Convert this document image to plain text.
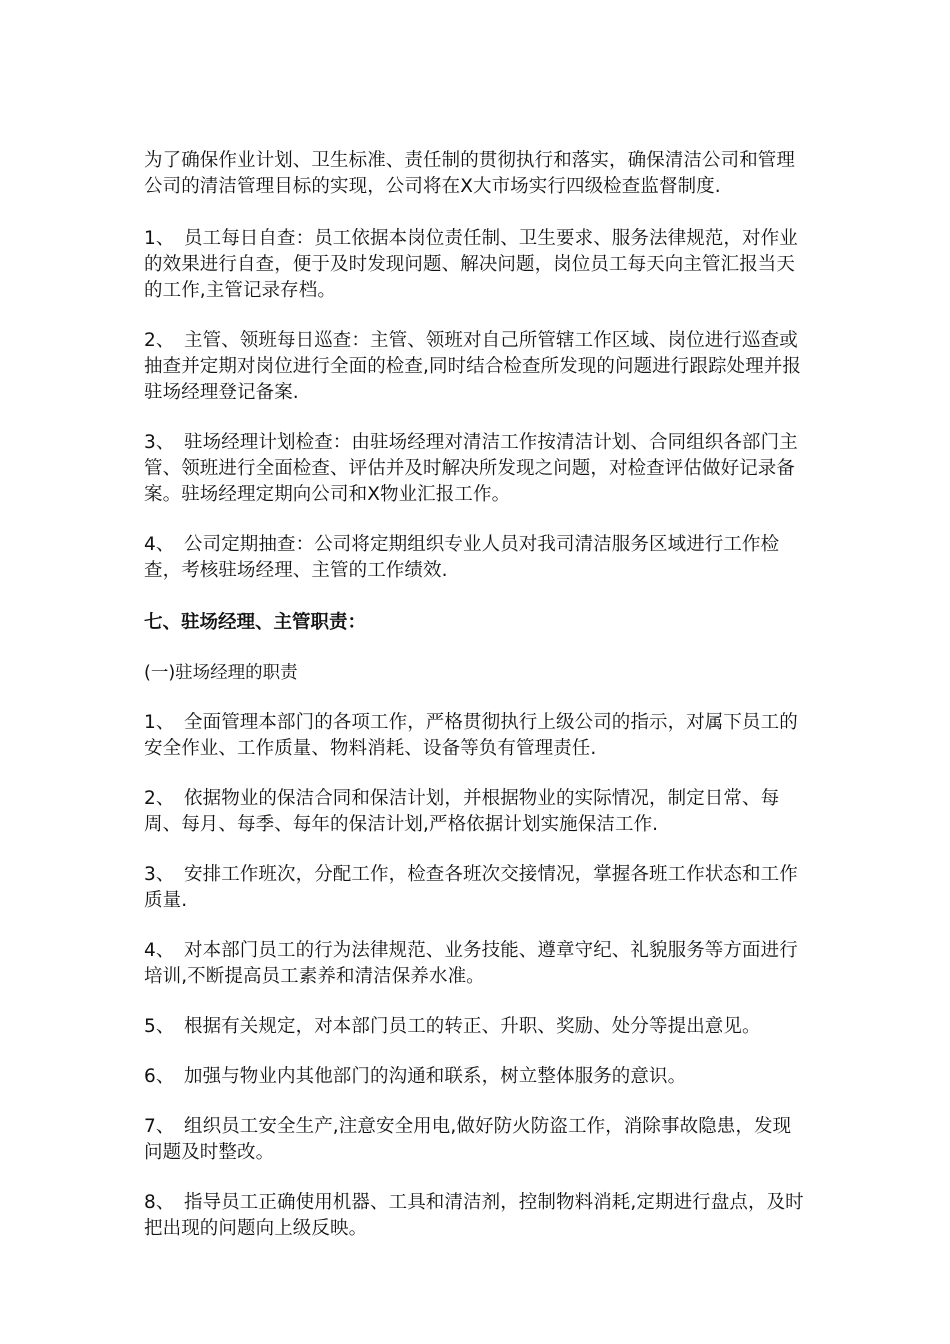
为了确保作业计划、卫生标准、责任制的贯彻执行和落实，确保清洁公司和管理公司的清洁管理目标的实现，公司将在X大市场实行四级检查监督制度.

1、 员工每日自查：员工依据本岗位责任制、卫生要求、服务法律规范，对作业的效果进行自查，便于及时发现问题、解决问题，岗位员工每天向主管汇报当天的工作,主管记录存档。

2、 主管、领班每日巡查：主管、领班对自己所管辖工作区域、岗位进行巡查或抽查并定期对岗位进行全面的检查,同时结合检查所发现的问题进行跟踪处理并报驻场经理登记备案.

3、 驻场经理计划检查：由驻场经理对清洁工作按清洁计划、合同组织各部门主管、领班进行全面检查、评估并及时解决所发现之问题，对检查评估做好记录备案。驻场经理定期向公司和X物业汇报工作。

4、 公司定期抽查：公司将定期组织专业人员对我司清洁服务区域进行工作检查，考核驻场经理、主管的工作绩效.

七、驻场经理、主管职责：

(一)驻场经理的职责

1、 全面管理本部门的各项工作，严格贯彻执行上级公司的指示，对属下员工的安全作业、工作质量、物料消耗、设备等负有管理责任.

2、 依据物业的保洁合同和保洁计划，并根据物业的实际情况，制定日常、每周、每月、每季、每年的保洁计划,严格依据计划实施保洁工作.

3、 安排工作班次，分配工作，检查各班次交接情况，掌握各班工作状态和工作质量.

4、 对本部门员工的行为法律规范、业务技能、遵章守纪、礼貌服务等方面进行培训,不断提高员工素养和清洁保养水准。

5、 根据有关规定，对本部门员工的转正、升职、奖励、处分等提出意见。

6、 加强与物业内其他部门的沟通和联系，树立整体服务的意识。

7、 组织员工安全生产,注意安全用电,做好防火防盗工作，消除事故隐患，发现问题及时整改。

8、 指导员工正确使用机器、工具和清洁剂，控制物料消耗,定期进行盘点，及时把出现的问题向上级反映。
